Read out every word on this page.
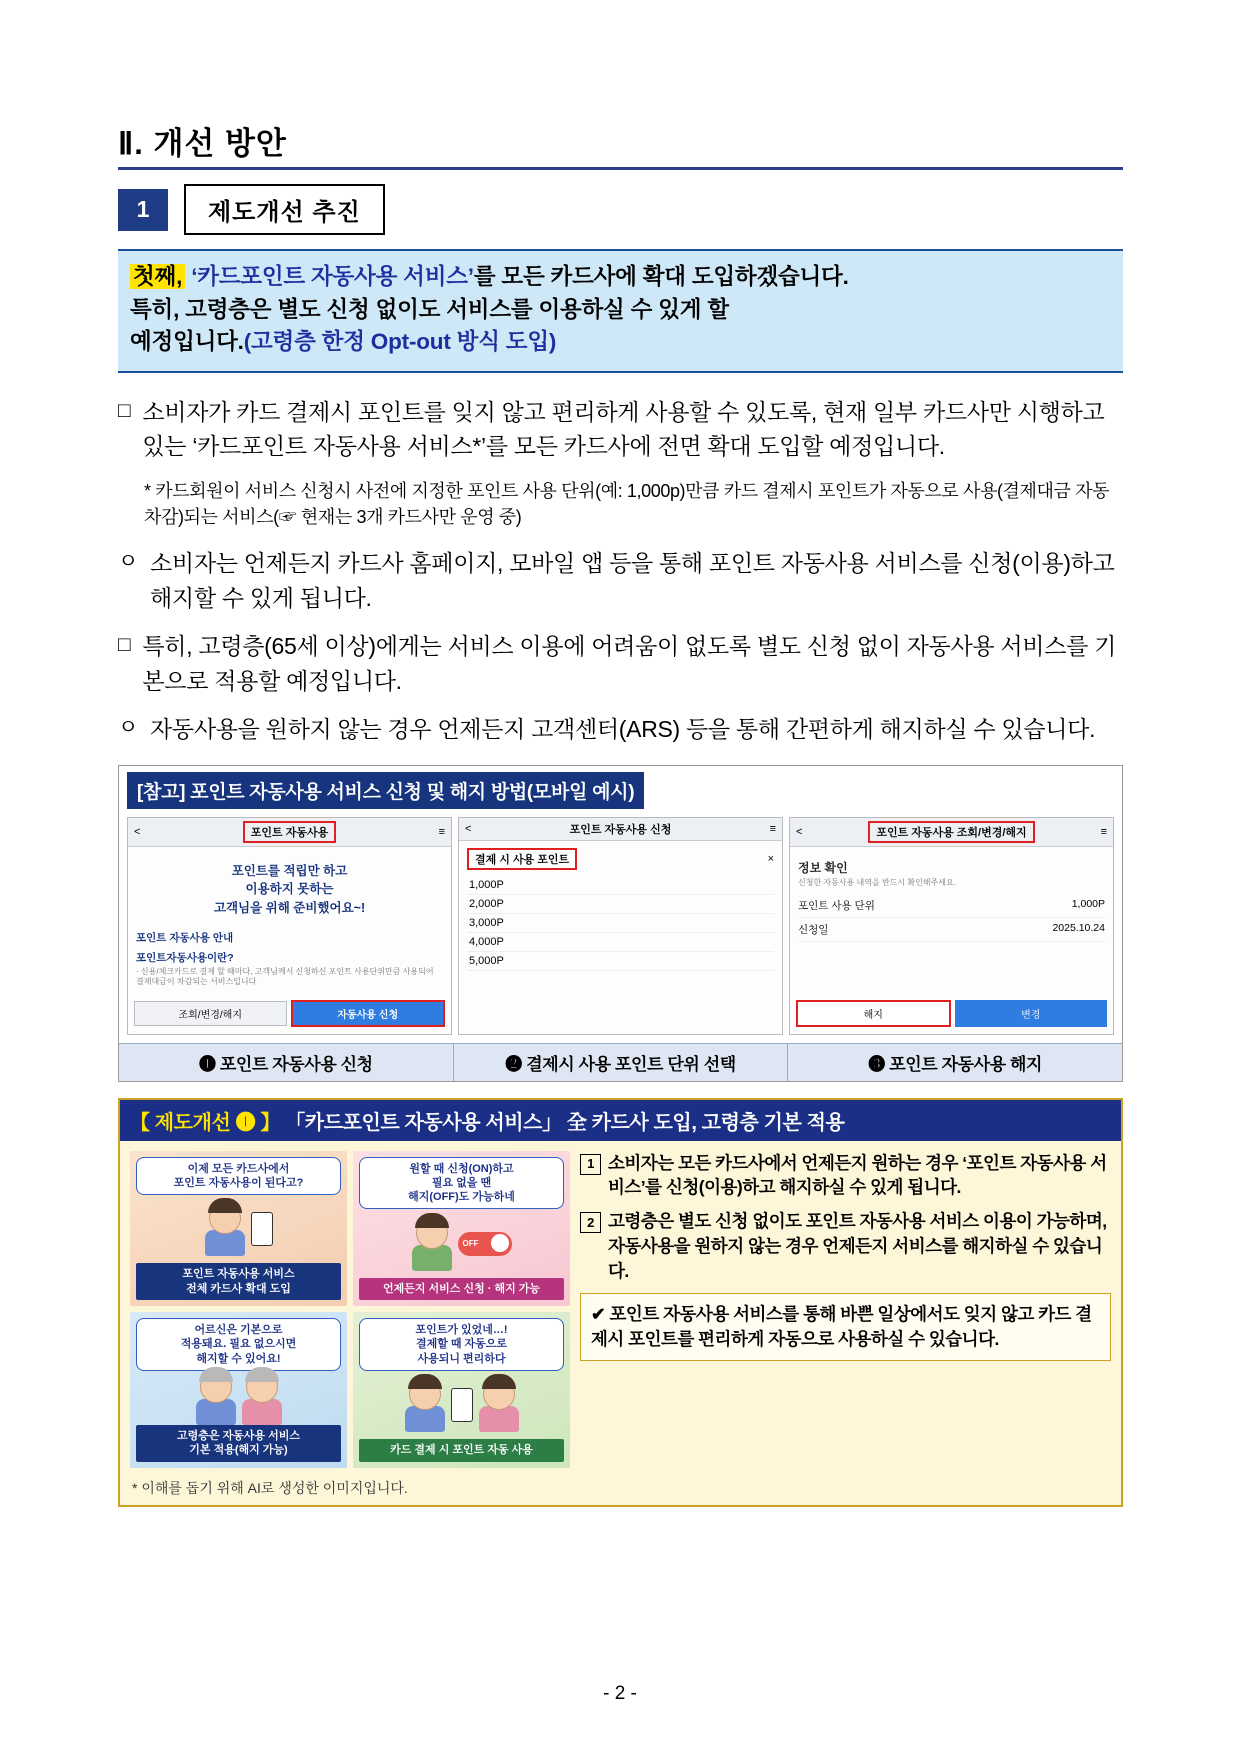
Ⅱ. 개선 방안
1	제도개선 추진

첫째, ‘카드포인트 자동사용 서비스’를 모든 카드사에 확대 도입하겠습니다.

특히, 고령층은 별도 신청 없이도 서비스를 이용하실 수 있게 할

예정입니다.(고령층 한정 Opt-out 방식 도입)

□ 소비자가 카드 결제시 포인트를 잊지 않고 편리하게 사용할 수 있도록, 현재 일부 카드사만 시행하고 있는 ‘카드포인트 자동사용 서비스*’를 모든 카드사에 전면 확대 도입할 예정입니다.
* 카드회원이 서비스 신청시 사전에 지정한 포인트 사용 단위(예: 1,000p)만큼 카드 결제시 포인트가 자동으로 사용(결제대금 자동 차감)되는 서비스(☞ 현재는 3개 카드사만 운영 중)
ㅇ 소비자는 언제든지 카드사 홈페이지, 모바일 앱 등을 통해 포인트 자동사용 서비스를 신청(이용)하고 해지할 수 있게 됩니다.
□ 특히, 고령층(65세 이상)에게는 서비스 이용에 어려움이 없도록 별도 신청 없이 자동사용 서비스를 기본으로 적용할 예정입니다.
ㅇ 자동사용을 원하지 않는 경우 언제든지 고객센터(ARS) 등을 통해 간편하게 해지하실 수 있습니다.
[참고] 포인트 자동사용 서비스 신청 및 해지 방법(모바일 예시)
<	포인트 자동사용	≡
포인트를 적립만 하고
이용하지 못하는
고객님을 위해 준비했어요~!
포인트 자동사용 안내
포인트자동사용이란?
· 신용/체크카드로 결제 할 때마다, 고객님께서 신청하신 포인트 사용단위만큼 사용되어 결제대금이 차감되는 서비스입니다
조회/변경/해지	자동사용 신청
<	포인트 자동사용 신청	≡
결제 시 사용 포인트	×
1,000P
2,000P
3,000P
4,000P
5,000P
<	포인트 자동사용 조회/변경/해지	≡
정보 확인
신청한 자동사용 내역을 반드시 확인해주세요.
포인트 사용 단위	1,000P
신청일	2025.10.24
해지	변경
❶ 포인트 자동사용 신청	❷ 결제시 사용 포인트 단위 선택	❸ 포인트 자동사용 해지
【 제도개선 ❶ 】 「카드포인트 자동사용 서비스」 全 카드사 도입, 고령층 기본 적용
이제 모든 카드사에서
포인트 자동사용이 된다고?
포인트 자동사용 서비스
전체 카드사 확대 도입
원할 때 신청(ON)하고
필요 없을 땐
해지(OFF)도 가능하네
OFF
언제든지 서비스 신청 · 해지 가능
어르신은 기본으로
적용돼요. 필요 없으시면
해지할 수 있어요!
고령층은 자동사용 서비스
기본 적용(해지 가능)
포인트가 있었네…!
결제할 때 자동으로
사용되니 편리하다
카드 결제 시 포인트 자동 사용
1 소비자는 모든 카드사에서 언제든지 원하는 경우 ‘포인트 자동사용 서비스’를 신청(이용)하고 해지하실 수 있게 됩니다.
2 고령층은 별도 신청 없이도 포인트 자동사용 서비스 이용이 가능하며, 자동사용을 원하지 않는 경우 언제든지 서비스를 해지하실 수 있습니다.
✔ 포인트 자동사용 서비스를 통해 바쁜 일상에서도 잊지 않고 카드 결제시 포인트를 편리하게 자동으로 사용하실 수 있습니다.
* 이해를 돕기 위해 AI로 생성한 이미지입니다.
- 2 -
